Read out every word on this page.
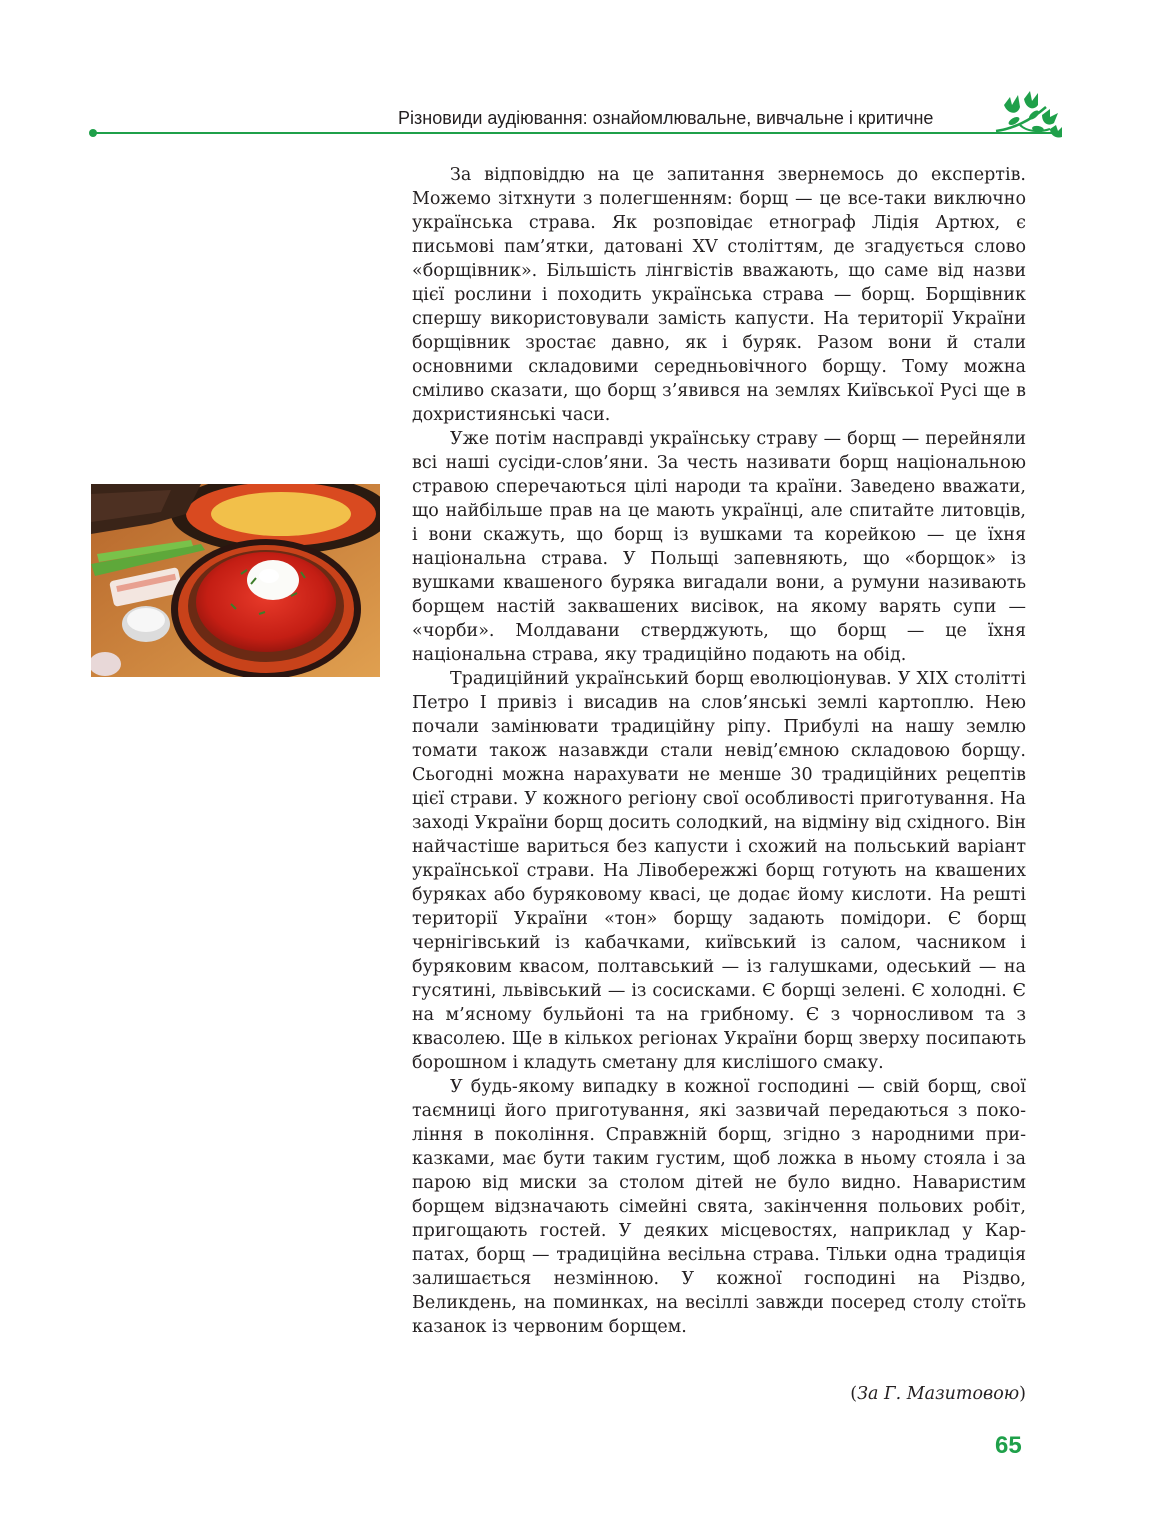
Різновиди аудіювання: ознайомлювальне, вивчальне і критичне

За відповіддю на це запитання звернемось до експертів. Можемо зітхнути з полегшенням: борщ — це все-таки виключно українська страва. Як розповідає етнограф Лідія Артюх, є письмові пам’ятки, датовані XV століттям, де згадується слово «борщівник». Більшість лінгвістів вважають, що саме від назви цієї рослини і походить українська страва — борщ. Борщівник спершу використовували замість капусти. На території України борщівник зростає давно, як і буряк. Разом вони й стали основними складовими середньовічного борщу. Тому можна сміливо сказати, що борщ з’явився на землях Київської Русі ще в дохристиянські часи.

Уже потім насправді українську страву — борщ — перейняли всі наші сусіди-слов’яни. За честь називати борщ національною стравою сперечаються цілі народи та країни. Заведено вважати, що найбільше прав на це мають українці, але спитайте литовців, і вони скажуть, що борщ із вушками та корейкою — це їхня національна страва. У Польщі запевняють, що «борщок» із вушками квашеного буряка вигадали вони, а румуни називають борщем настій заквашених висівок, на якому варять супи — «чорби». Молдавани стверджують, що борщ — це їхня національна страва, яку традиційно подають на обід.

Традиційний український борщ еволюціонував. У XIX столітті Петро I привіз і висадив на слов’янські землі картоплю. Нею почали замінювати традиційну ріпу. Прибулі на нашу землю томати також назавжди стали невід’ємною складовою борщу. Сьогодні можна нарахувати не менше 30 традиційних рецептів цієї страви. У кожного регіону свої особливості приготування. На заході України борщ досить солодкий, на відміну від східного. Він найчастіше вариться без капусти і схожий на польський варіант української страви. На Лівобережжі борщ готують на квашених буряках або буряковому квасі, це додає йому кислоти. На решті території України «тон» борщу задають помідори. Є борщ чернігівський із кабачками, київський із салом, часником і буряковим квасом, полтавський — із галушками, одеський — на гусятині, львівський — із сосисками. Є борщі зелені. Є холодні. Є на м’ясному бульйоні та на грибному. Є з чорносливом та з квасолею. Ще в кількох регіонах України борщ зверху посипають борошном і кладуть сметану для кислішого смаку.

У будь-якому випадку в кожної господині — свій борщ, свої таємниці його приготування, які зазвичай передаються з покоління в покоління. Справжній борщ, згідно з народними приказками, має бути таким густим, щоб ложка в ньому стояла і за парою від миски за столом дітей не було видно. Наваристим борщем відзначають сімейні свята, закінчення польових робіт, пригощають гостей. У деяких місцевостях, наприклад у Карпатах, борщ — традиційна весільна страва. Тільки одна традиція залишається незмінною. У кожної господині на Різдво, Великдень, на поминках, на весіллі завжди посеред столу стоїть казанок із червоним борщем.

(За Г. Мазитовою)
65
